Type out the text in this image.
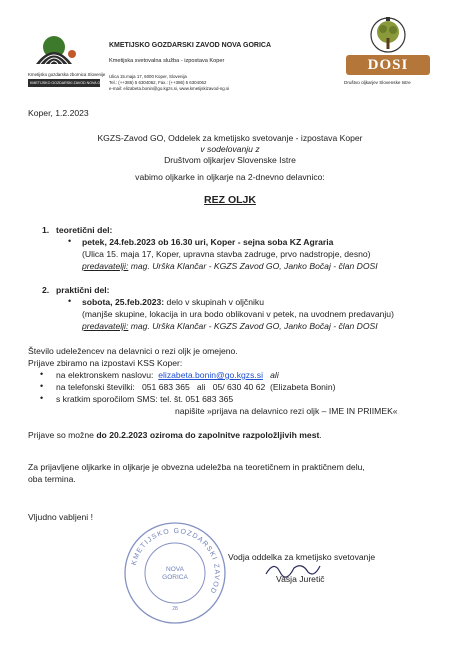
Kmetijsko gozdarska zbornica Slovenije
KMETIJSKO GOZDARSKI ZAVOD NOVA GORICA
KMETIJSKO GOZDARSKI ZAVOD NOVA GORICA
Kmetijska svetovalna služba - izpostava Koper
Ulica 15.maja 17, 6000 Koper, Slovenija
Tel.: (++386) 5 6304062, Fax.: (++386) 5 6304062
e-mail: elizabeta.bonin@go.kgzs.si, www.kmetijskizavod-ng.si
DOSI
Društvo oljkarjev Slovenske Istre
Koper, 1.2.2023
KGZS-Zavod GO, Oddelek za kmetijsko svetovanje - izpostava Koper
v sodelovanju z
Društvom oljkarjev Slovenske Istre
vabimo oljkarke in oljkarje na 2-dnevno delavnico:
REZ OLJK
1. teoretični del:
• petek, 24.feb.2023 ob 16.30 uri, Koper - sejna soba KZ Agraria
(Ulica 15. maja 17, Koper, upravna stavba zadruge, prvo nadstropje, desno)
predavatelji: mag. Urška Klančar - KGZS Zavod GO, Janko Bočaj - član DOSI
2. praktični del:
• sobota, 25.feb.2023: delo v skupinah v oljčniku
(manjše skupine, lokacija in ura bodo oblikovani v petek, na uvodnem predavanju)
predavatelji: mag. Urška Klančar - KGZS Zavod GO, Janko Bočaj - član DOSI
Število udeležencev na delavnici o rezi oljk je omejeno.
Prijave zbiramo na izpostavi KSS Koper:
• na elektronskem naslovu: elizabeta.bonin@go.kgzs.si ali
• na telefonski številki: 051 683 365   ali   05/ 630 40 62  (Elizabeta Bonin)
• s kratkim sporočilom SMS: tel. št. 051 683 365
napišite »prijava na delavnico rezi oljk – IME IN PRIIMEK«
Prijave so možne do 20.2.2023 oziroma do zapolnitve razpoložljivih mest.
Za prijavljene oljkarke in oljkarje je obvezna udeležba na teoretičnem in praktičnem delu,
oba termina.
Vljudno vabljeni !
KMETIJSKO GOZDARSKI ZAVOD
NOVA
GORICA
28
Vodja oddelka za kmetijsko svetovanje
Vasja Juretič
